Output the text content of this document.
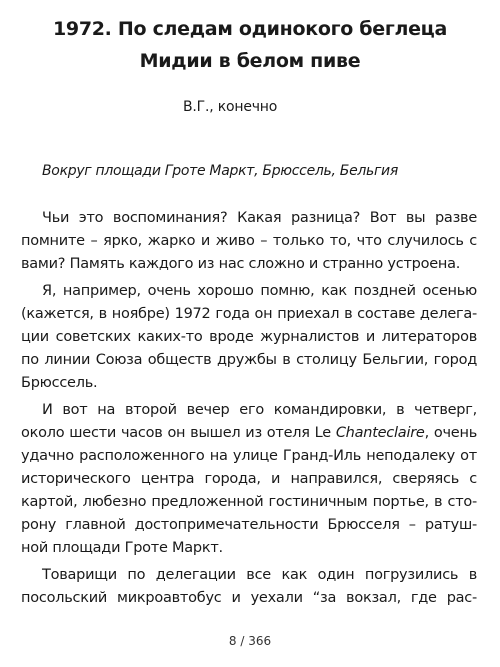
1972. По следам одинокого беглеца
Мидии в белом пиве
В.Г., конечно
Вокруг площади Гроте Маркт, Брюссель, Бельгия
Чьи это воспоминания? Какая разница? Вот вы разве
помните – ярко, жарко и живо – только то, что случилось с
вами? Память каждого из нас сложно и странно устроена.
Я, например, очень хорошо помню, как поздней осенью
(кажется, в ноябре) 1972 года он приехал в составе делега-
ции советских каких-то вроде журналистов и литераторов
по линии Союза обществ дружбы в столицу Бельгии, город
Брюссель.
И вот на второй вечер его командировки, в четверг,
около шести часов он вышел из отеля Le Chanteclaire, очень
удачно расположенного на улице Гранд-Иль неподалеку от
исторического центра города, и направился, сверяясь с
картой, любезно предложенной гостиничным портье, в сто-
рону главной достопримечательности Брюсселя – ратуш-
ной площади Гроте Маркт.
Товарищи по делегации все как один погрузились в
посольский микроавтобус и уехали “за вокзал, где рас-
8 / 366
